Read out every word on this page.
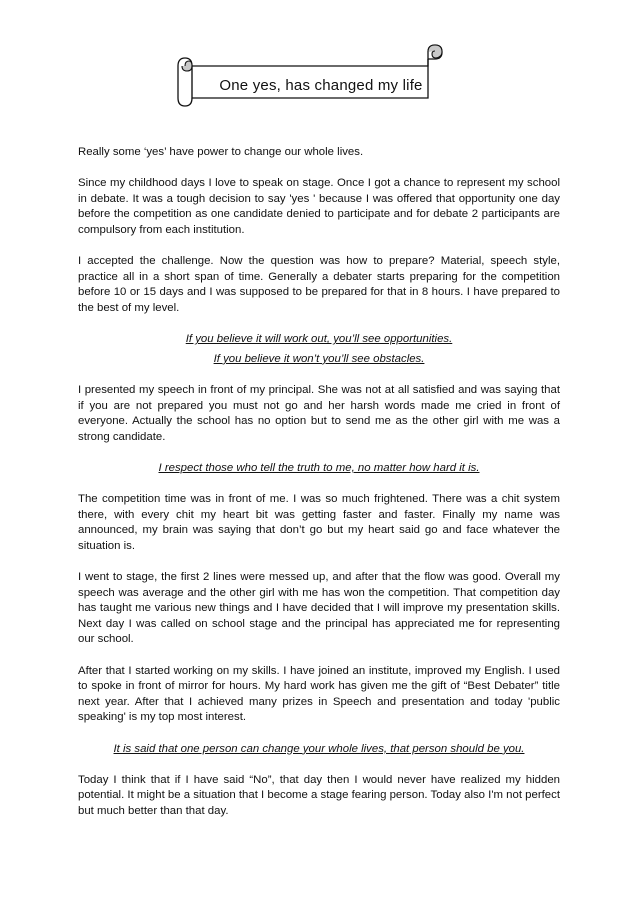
One yes, has changed my life

Really some ‘yes’ have power to change our whole lives.

Since my childhood days I love to speak on stage. Once I got a chance to represent my school in debate. It was a tough decision to say 'yes ' because I was offered that opportunity one day before the competition as one candidate denied to participate and for debate 2 participants are compulsory from each institution.

I accepted the challenge. Now the question was how to prepare? Material, speech style, practice all in a short span of time. Generally a debater starts preparing for the competition before 10 or 15 days and I was supposed to be prepared for that in 8 hours. I have prepared to the best of my level.

If you believe it will work out, you’ll see opportunities.

If you believe it won’t you’ll see obstacles.

I presented my speech in front of my principal. She was not at all satisfied and was saying that if you are not prepared you must not go and her harsh words made me cried in front of everyone. Actually the school has no option but to send me as the other girl with me was a strong candidate.

I respect those who tell the truth to me, no matter how hard it is.

The competition time was in front of me. I was so much frightened. There was a chit system there, with every chit my heart bit was getting faster and faster. Finally my name was announced, my brain was saying that don’t go but my heart said go and face whatever the situation is.

I went to stage, the first 2 lines were messed up, and after that the flow was good. Overall my speech was average and the other girl with me has won the competition. That competition day has taught me various new things and I have decided that I will improve my presentation skills. Next day I was called on school stage and the principal has appreciated me for representing our school.

After that I started working on my skills. I have joined an institute, improved my English. I used to spoke in front of mirror for hours. My hard work has given me the gift of “Best Debater” title next year. After that I achieved many prizes in Speech and presentation and today 'public speaking' is my top most interest.

It is said that one person can change your whole lives, that person should be you.

Today I think that if I have said “No”, that day then I would never have realized my hidden potential. It might be a situation that I become a stage fearing person. Today also I'm not perfect but much better than that day.
